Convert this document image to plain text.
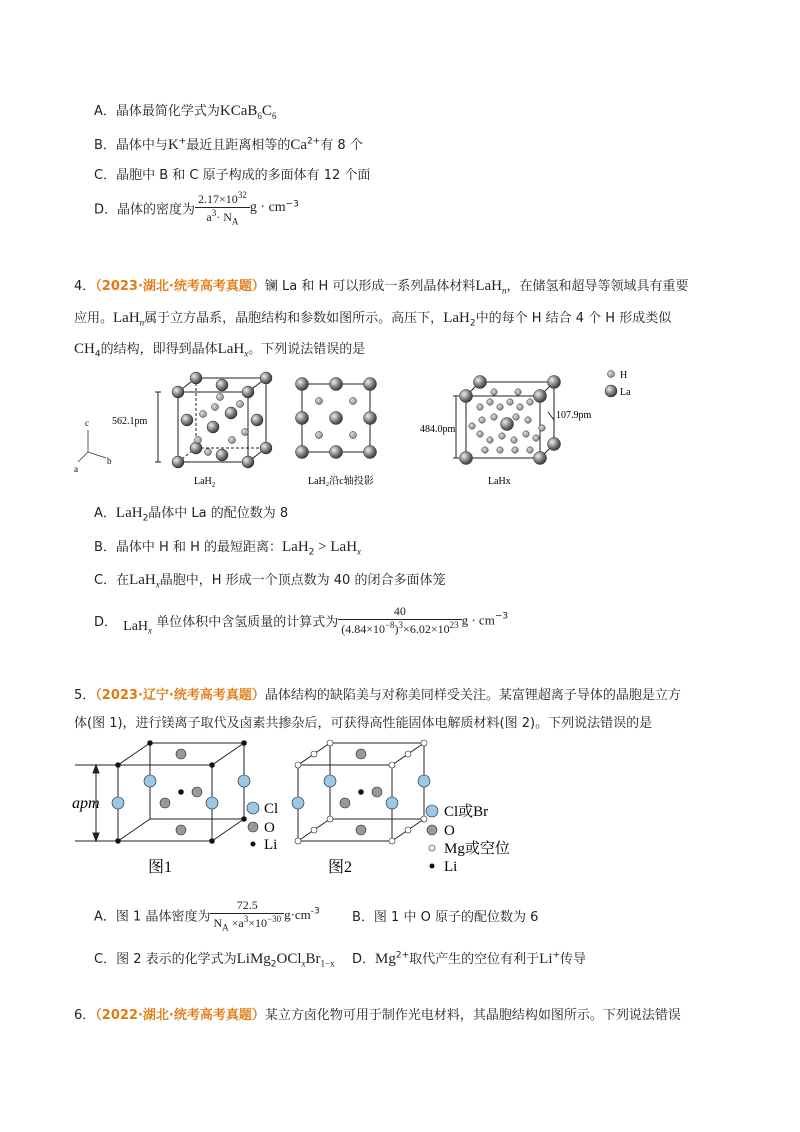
A．晶体最简化学式为$KCaB_6C_6$
B．晶体中与K+最近且距离相等的$Ca^{2+}$有 8 个
C．晶胞中 B 和 C 原子构成的多面体有 12 个面
D．晶体的密度为 $\frac{2.17\times 10^{32}}{a^3\cdot N_A}$ $g \cdot cm^{-3}$
4．（2023·湖北·统考高考真题）镧 La 和 H 可以形成一系列晶体材料LaH$_n$，在储氢和超导等领域具有重要
应用。LaH$_n$属于立方晶系，晶胞结构和参数如图所示。高压下，LaH$_2$中的每个 H 结合 4 个 H 形成类似
$CH_4$的结构，即得到晶体LaH$_x$。下列说法错误的是
c
b
a
562.1pm
LaH$_2$	LaH₂沿c轴投影
484.0pm
107.9pm
LaHx
H
La
A．LaH$_2$晶体中 La 的配位数为 8
B．晶体中 H 和 H 的最短距离：LaH$_2$ > LaH$_x$
C．在LaH$_x$晶胞中，H 形成一个顶点数为 40 的闭合多面体笼
D． LaH$_x$ 单位体积中含氢质量的计算式为 $\frac{40}{(4.84\times 10^{-8})^3\times 6.02\times 10^{23}}$ $g \cdot cm^{-3}$
5．（2023·辽宁·统考高考真题）晶体结构的缺陷美与对称美同样受关注。某富锂超离子导体的晶胞是立方
体(图 1)，进行镁离子取代及卤素共掺杂后，可获得高性能固体电解质材料(图 2)。下列说法错误的是
apm	Cl
O
Li
图1
Cl或Br
O
Mg或空位
Li
图2
A．图 1 晶体密度为 $\frac{72.5}{N_A \times a^3\times 10^{-30}} g\cdot cm^{-3}$ B．图 1 中 O 原子的配位数为 6
C．图 2 表示的化学式为$LiMg_2OCl_xBr_{1-x}$ D．$Mg^{2+}$取代产生的空位有利于Li+传导
6．（2022·湖北·统考高考真题）某立方卤化物可用于制作光电材料，其晶胞结构如图所示。下列说法错误
